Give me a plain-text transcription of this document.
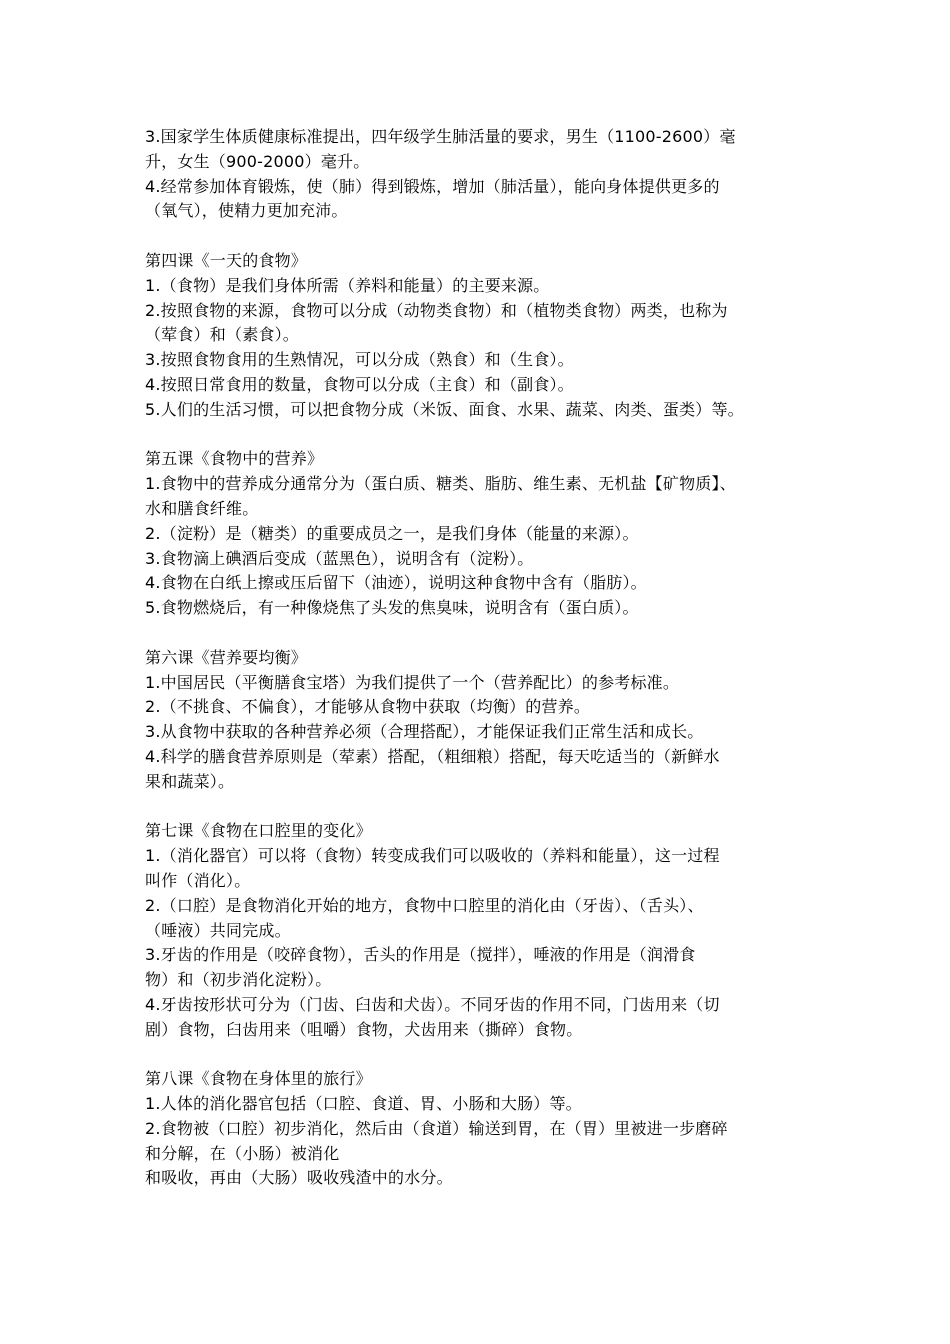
3.国家学生体质健康标准提出，四年级学生肺活量的要求，男生（1100-2600）毫
升，女生（900-2000）毫升。
4.经常参加体育锻炼，使（肺）得到锻炼，增加（肺活量），能向身体提供更多的
（氧气），使精力更加充沛。
第四课《一天的食物》
1.（食物）是我们身体所需（养料和能量）的主要来源。
2.按照食物的来源，食物可以分成（动物类食物）和（植物类食物）两类，也称为
（荤食）和（素食）。
3.按照食物食用的生熟情况，可以分成（熟食）和（生食）。
4.按照日常食用的数量，食物可以分成（主食）和（副食）。
5.人们的生活习惯，可以把食物分成（米饭、面食、水果、蔬菜、肉类、蛋类）等。
第五课《食物中的营养》
1.食物中的营养成分通常分为（蛋白质、糖类、脂肪、维生素、无机盐【矿物质】、
水和膳食纤维。
2.（淀粉）是（糖类）的重要成员之一，是我们身体（能量的来源）。
3.食物滴上碘酒后变成（蓝黑色），说明含有（淀粉）。
4.食物在白纸上擦或压后留下（油迹），说明这种食物中含有（脂肪）。
5.食物燃烧后，有一种像烧焦了头发的焦臭味，说明含有（蛋白质）。
第六课《营养要均衡》
1.中国居民（平衡膳食宝塔）为我们提供了一个（营养配比）的参考标准。
2.（不挑食、不偏食），才能够从食物中获取（均衡）的营养。
3.从食物中获取的各种营养必须（合理搭配），才能保证我们正常生活和成长。
4.科学的膳食营养原则是（荤素）搭配，（粗细粮）搭配，每天吃适当的（新鲜水
果和蔬菜）。
第七课《食物在口腔里的变化》
1.（消化器官）可以将（食物）转变成我们可以吸收的（养料和能量），这一过程
叫作（消化）。
2.（口腔）是食物消化开始的地方，食物中口腔里的消化由（牙齿）、（舌头）、
（唾液）共同完成。
3.牙齿的作用是（咬碎食物），舌头的作用是（搅拌），唾液的作用是（润滑食
物）和（初步消化淀粉）。
4.牙齿按形状可分为（门齿、臼齿和犬齿）。不同牙齿的作用不同，门齿用来（切
剧）食物，臼齿用来（咀嚼）食物，犬齿用来（撕碎）食物。
第八课《食物在身体里的旅行》
1.人体的消化器官包括（口腔、食道、胃、小肠和大肠）等。
2.食物被（口腔）初步消化，然后由（食道）输送到胃，在（胃）里被进一步磨碎
和分解，在（小肠）被消化
和吸收，再由（大肠）吸收残渣中的水分。
